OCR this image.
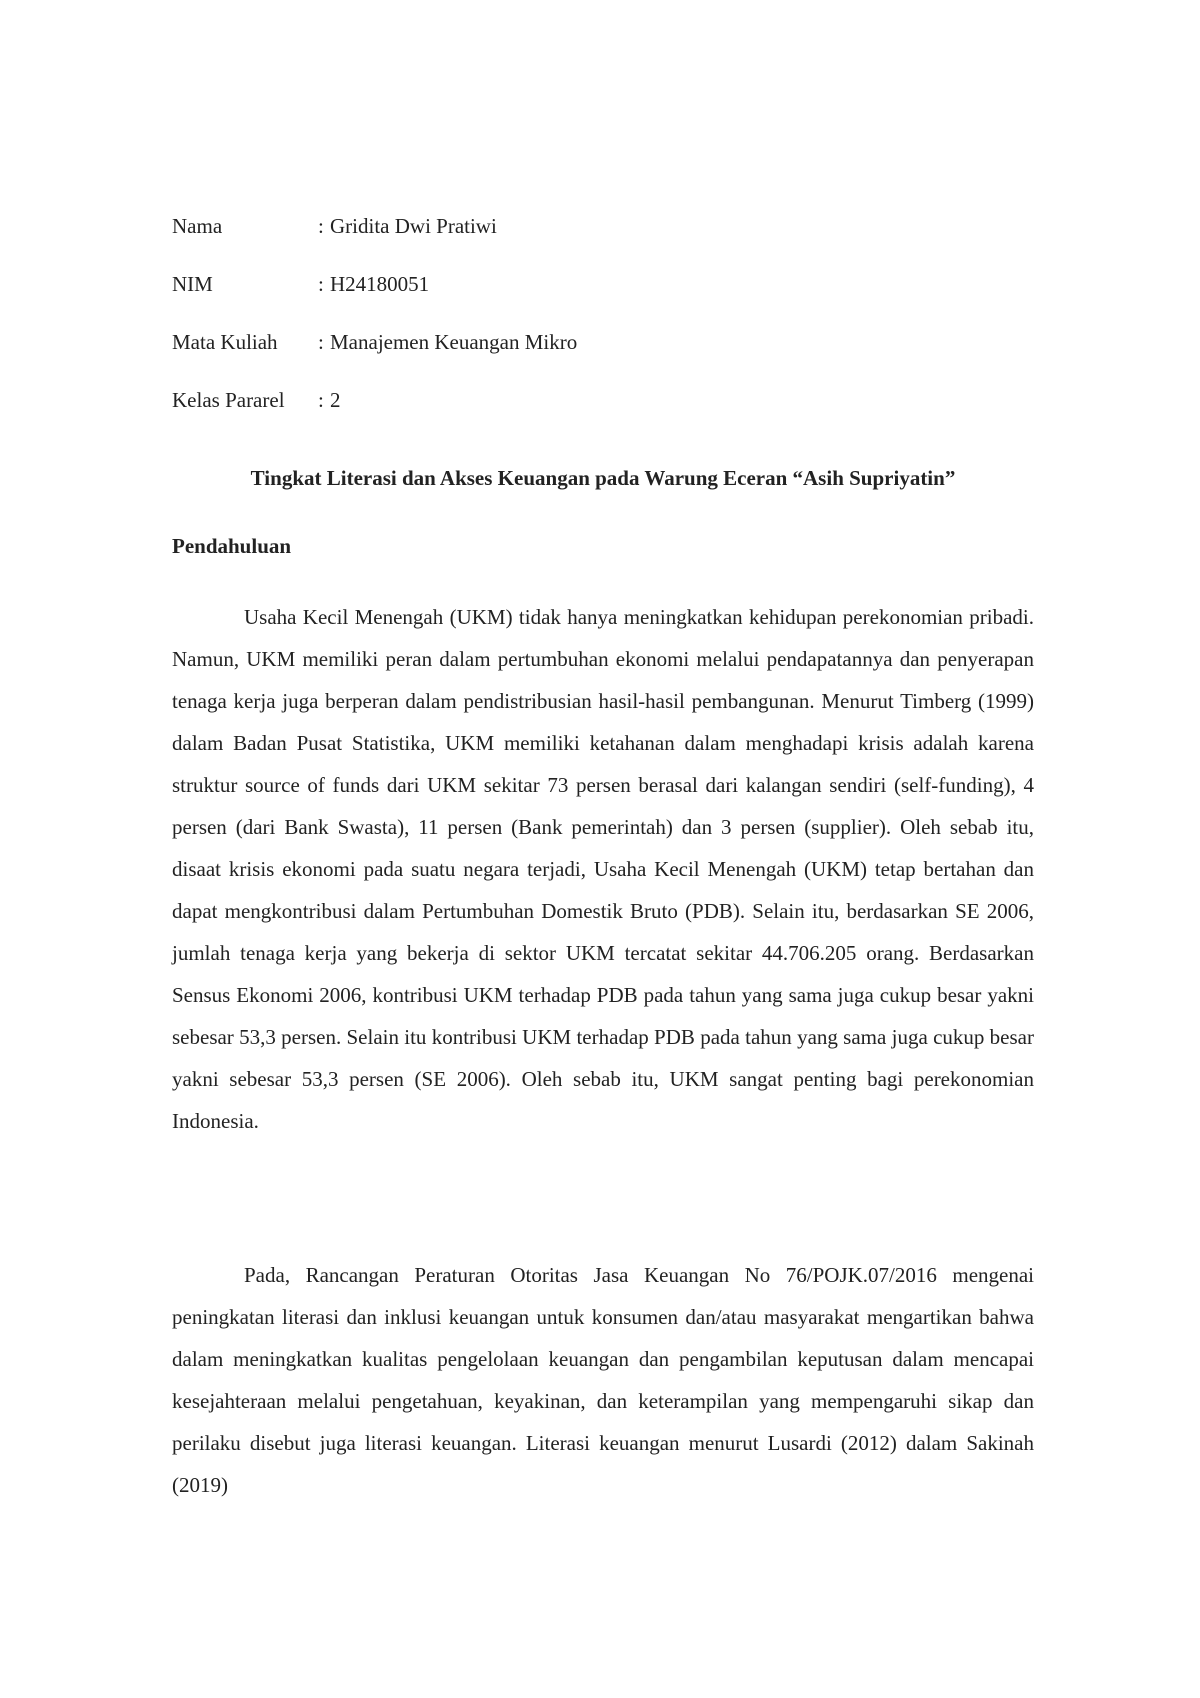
Nama	: Gridita Dwi Pratiwi
NIM	: H24180051
Mata Kuliah	: Manajemen Keuangan Mikro
Kelas Pararel	: 2
Tingkat Literasi dan Akses Keuangan pada Warung Eceran “Asih Supriyatin”
Pendahuluan

Usaha Kecil Menengah (UKM) tidak hanya meningkatkan kehidupan perekonomian pribadi. Namun, UKM memiliki peran dalam pertumbuhan ekonomi melalui pendapatannya dan penyerapan tenaga kerja juga berperan dalam pendistribusian hasil-hasil pembangunan. Menurut Timberg (1999) dalam Badan Pusat Statistika, UKM memiliki ketahanan dalam menghadapi krisis adalah karena struktur source of funds dari UKM sekitar 73 persen berasal dari kalangan sendiri (self-funding), 4 persen (dari Bank Swasta), 11 persen (Bank pemerintah) dan 3 persen (supplier). Oleh sebab itu, disaat krisis ekonomi pada suatu negara terjadi, Usaha Kecil Menengah (UKM) tetap bertahan dan dapat mengkontribusi dalam Pertumbuhan Domestik Bruto (PDB). Selain itu, berdasarkan SE 2006, jumlah tenaga kerja yang bekerja di sektor UKM tercatat sekitar 44.706.205 orang. Berdasarkan Sensus Ekonomi 2006, kontribusi UKM terhadap PDB pada tahun yang sama juga cukup besar yakni sebesar 53,3 persen. Selain itu kontribusi UKM terhadap PDB pada tahun yang sama juga cukup besar yakni sebesar 53,3 persen (SE 2006). Oleh sebab itu, UKM sangat penting bagi perekonomian Indonesia.

Pada, Rancangan Peraturan Otoritas Jasa Keuangan No 76/POJK.07/2016 mengenai peningkatan literasi dan inklusi keuangan untuk konsumen dan/atau masyarakat mengartikan bahwa dalam meningkatkan kualitas pengelolaan keuangan dan pengambilan keputusan dalam mencapai kesejahteraan melalui pengetahuan, keyakinan, dan keterampilan yang mempengaruhi sikap dan perilaku disebut juga literasi keuangan. Literasi keuangan menurut Lusardi (2012) dalam Sakinah (2019)
